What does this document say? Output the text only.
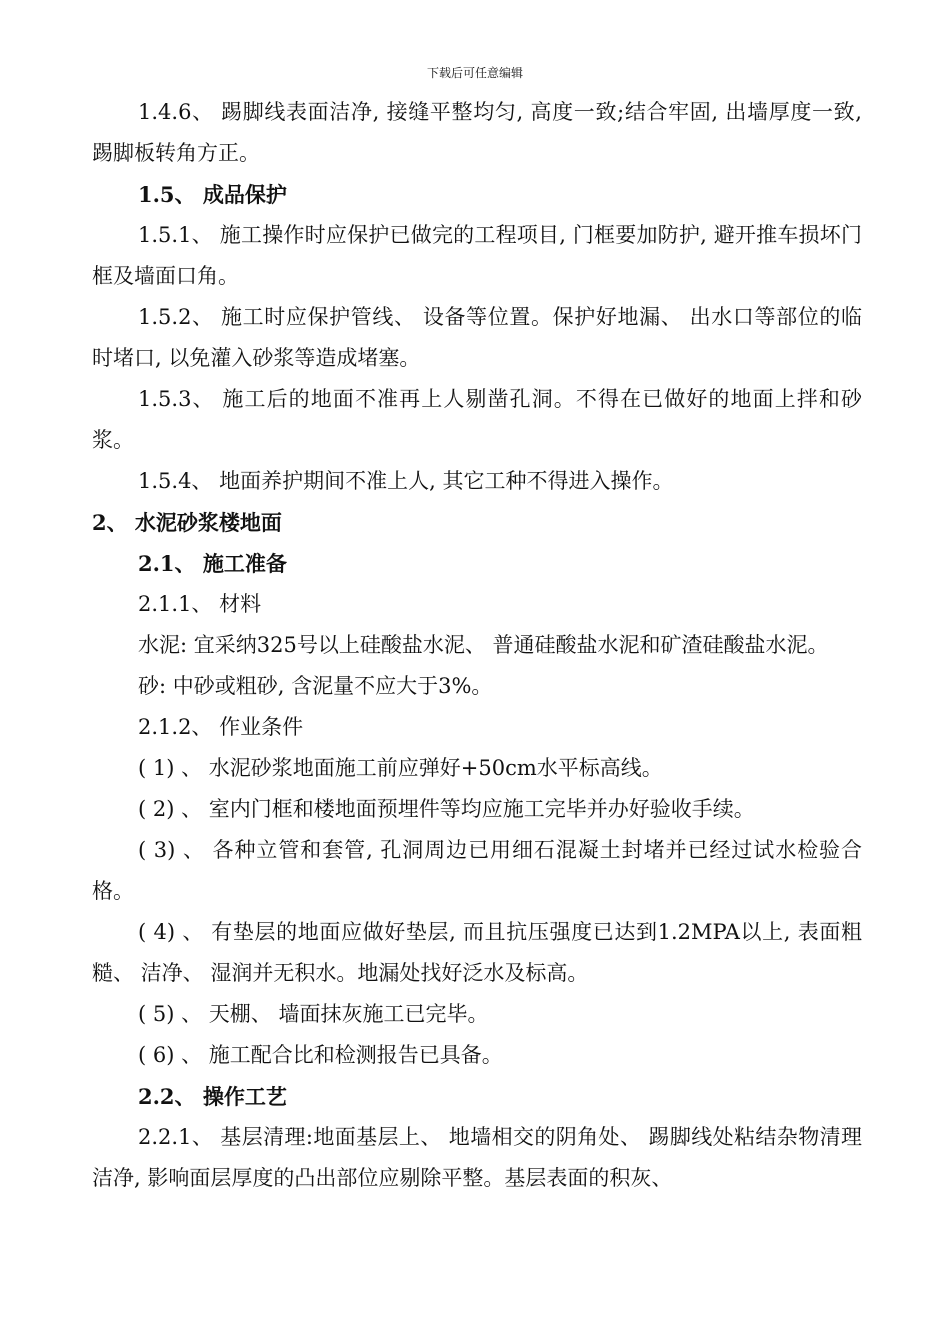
下载后可任意编辑

1.4.6、 踢脚线表面洁净, 接缝平整均匀, 高度一致;结合牢固, 出墙厚度一致, 踢脚板转角方正。

1.5、 成品保护

1.5.1、 施工操作时应保护已做完的工程项目, 门框要加防护, 避开推车损坏门框及墙面口角。

1.5.2、 施工时应保护管线、 设备等位置。保护好地漏、 出水口等部位的临时堵口, 以免灌入砂浆等造成堵塞。

1.5.3、 施工后的地面不准再上人剔凿孔洞。不得在已做好的地面上拌和砂浆。

1.5.4、 地面养护期间不准上人, 其它工种不得进入操作。

2、 水泥砂浆楼地面

2.1、 施工准备

2.1.1、 材料

水泥: 宜采纳325号以上硅酸盐水泥、 普通硅酸盐水泥和矿渣硅酸盐水泥。

砂: 中砂或粗砂, 含泥量不应大于3%。

2.1.2、 作业条件

( 1) 、 水泥砂浆地面施工前应弹好+50cm水平标高线。

( 2) 、 室内门框和楼地面预埋件等均应施工完毕并办好验收手续。

( 3) 、 各种立管和套管, 孔洞周边已用细石混凝土封堵并已经过试水检验合格。

( 4) 、 有垫层的地面应做好垫层, 而且抗压强度已达到1.2MPA以上, 表面粗糙、 洁净、 湿润并无积水。地漏处找好泛水及标高。

( 5) 、 天棚、 墙面抹灰施工已完毕。

( 6) 、 施工配合比和检测报告已具备。

2.2、 操作工艺

2.2.1、 基层清理:地面基层上、 地墙相交的阴角处、 踢脚线处粘结杂物清理洁净, 影响面层厚度的凸出部位应剔除平整。基层表面的积灰、
